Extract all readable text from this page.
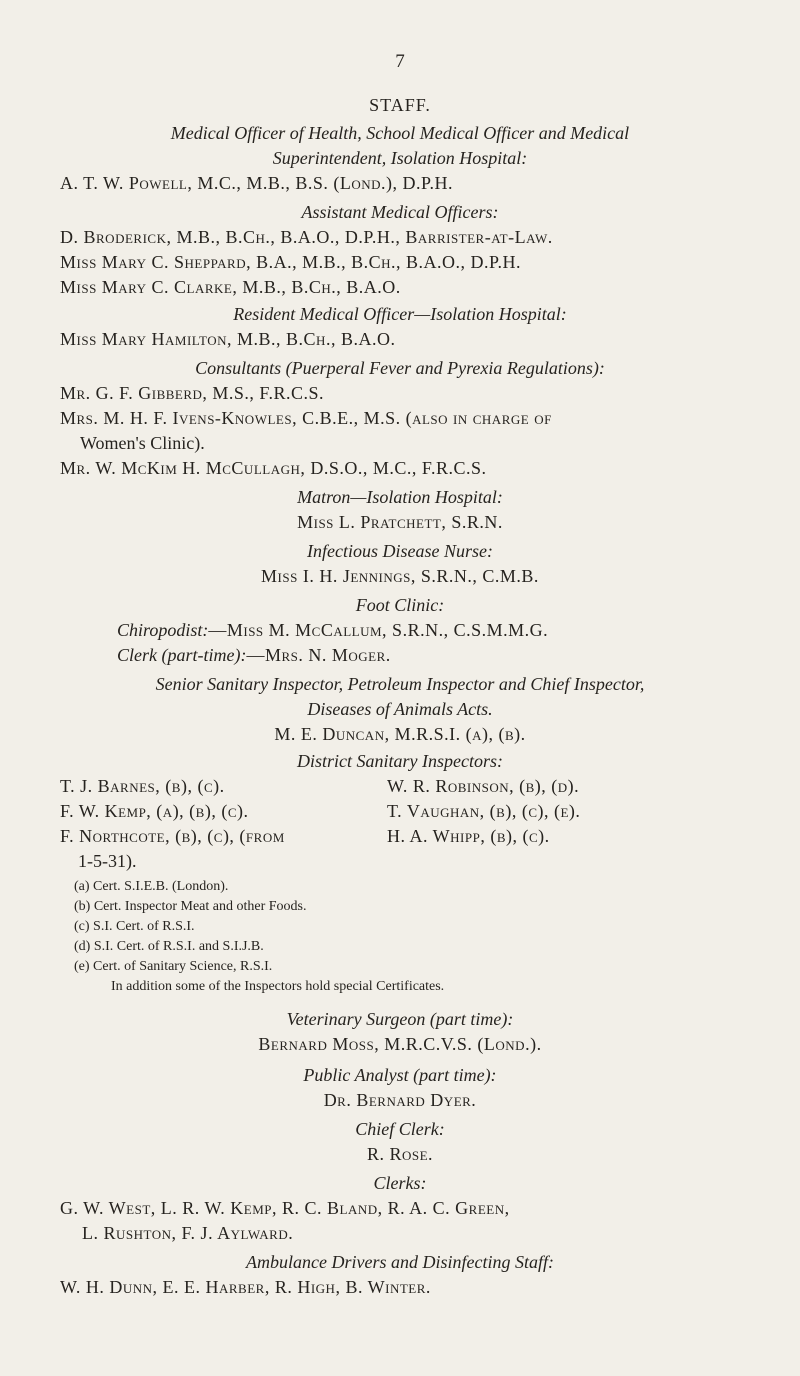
7
STAFF.
Medical Officer of Health, School Medical Officer and Medical
Superintendent, Isolation Hospital:
A. T. W. Powell, M.C., M.B., B.S. (Lond.), D.P.H.
Assistant Medical Officers:
D. Broderick, M.B., B.Ch., B.A.O., D.P.H., Barrister-at-Law.
Miss Mary C. Sheppard, B.A., M.B., B.Ch., B.A.O., D.P.H.
Miss Mary C. Clarke, M.B., B.Ch., B.A.O.
Resident Medical Officer—Isolation Hospital:
Miss Mary Hamilton, M.B., B.Ch., B.A.O.
Consultants (Puerperal Fever and Pyrexia Regulations):
Mr. G. F. Gibberd, M.S., F.R.C.S.
Mrs. M. H. F. Ivens-Knowles, C.B.E., M.S. (also in charge of
Women's Clinic).
Mr. W. McKim H. McCullagh, D.S.O., M.C., F.R.C.S.
Matron—Isolation Hospital:
Miss L. Pratchett, S.R.N.
Infectious Disease Nurse:
Miss I. H. Jennings, S.R.N., C.M.B.
Foot Clinic:
Chiropodist:—Miss M. McCallum, S.R.N., C.S.M.M.G.
Clerk (part-time):—Mrs. N. Moger.
Senior Sanitary Inspector, Petroleum Inspector and Chief Inspector,
Diseases of Animals Acts.
M. E. Duncan, M.R.S.I. (a), (b).
District Sanitary Inspectors:
T. J. Barnes, (b), (c).	W. R. Robinson, (b), (d).
F. W. Kemp, (a), (b), (c).	T. Vaughan, (b), (c), (e).
F. Northcote, (b), (c), (from	H. A. Whipp, (b), (c).
1-5-31).
(a) Cert. S.I.E.B. (London).
(b) Cert. Inspector Meat and other Foods.
(c) S.I. Cert. of R.S.I.
(d) S.I. Cert. of R.S.I. and S.I.J.B.
(e) Cert. of Sanitary Science, R.S.I.
In addition some of the Inspectors hold special Certificates.
Veterinary Surgeon (part time):
Bernard Moss, M.R.C.V.S. (Lond.).
Public Analyst (part time):
Dr. Bernard Dyer.
Chief Clerk:
R. Rose.
Clerks:
G. W. West, L. R. W. Kemp, R. C. Bland, R. A. C. Green,
L. Rushton, F. J. Aylward.
Ambulance Drivers and Disinfecting Staff:
W. H. Dunn, E. E. Harber, R. High, B. Winter.
